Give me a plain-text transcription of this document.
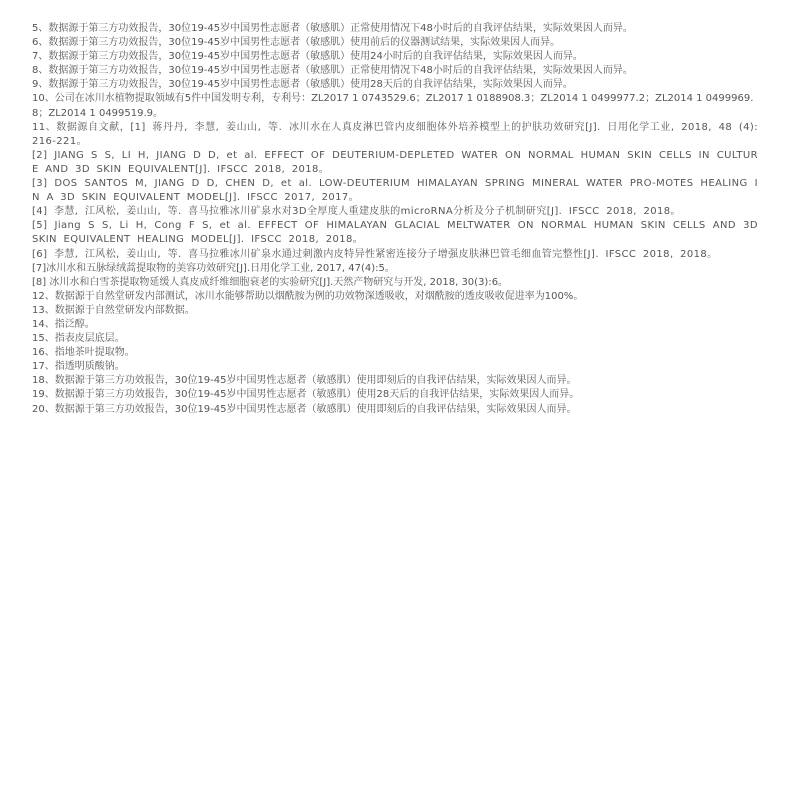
5、数据源于第三方功效报告，30位19-45岁中国男性志愿者（敏感肌）正常使用情况下48小时后的自我评估结果，实际效果因人而异。
6、数据源于第三方功效报告，30位19-45岁中国男性志愿者（敏感肌）使用前后的仪器测试结果，实际效果因人而异。
7、数据源于第三方功效报告，30位19-45岁中国男性志愿者（敏感肌）使用24小时后的自我评估结果，实际效果因人而异。
8、数据源于第三方功效报告，30位19-45岁中国男性志愿者（敏感肌）正常使用情况下48小时后的自我评估结果，实际效果因人而异。
9、数据源于第三方功效报告，30位19-45岁中国男性志愿者（敏感肌）使用28天后的自我评估结果，实际效果因人而异。
10、公司在冰川水植物提取领域有5件中国发明专利，专利号：ZL2017 1 0743529.6；ZL2017 1 0188908.3；ZL2014 1 0499977.2；ZL2014 1 0499969.8；ZL2014 1 0499519.9。
11、数据源自文献，[1] 蒋丹丹, 李慧, 姜山山, 等. 冰川水在人真皮淋巴管内皮细胞体外培养模型上的护肤功效研究[J]. 日用化学工业, 2018, 48 (4): 216-221。
[2] JIANG S S, LI H, JIANG D D, et al. EFFECT OF DEUTERIUM-DEPLETED WATER ON NORMAL HUMAN SKIN CELLS IN CULTURE AND 3D SKIN EQUIVALENT[J]. IFSCC 2018, 2018。
[3] DOS SANTOS M, JIANG D D, CHEN D, et al. LOW-DEUTERIUM HIMALAYAN SPRING MINERAL WATER PRO-MOTES HEALING IN A 3D SKIN EQUIVALENT MODEL[J]. IFSCC 2017, 2017。
[4] 李慧, 江风松, 姜山山, 等. 喜马拉雅冰川矿泉水对3D全厚度人重建皮肤的microRNA分析及分子机制研究[J]. IFSCC 2018, 2018。
[5] Jiang S S, Li H, Cong F S, et al. EFFECT OF HIMALAYAN GLACIAL MELTWATER ON NORMAL HUMAN SKIN CELLS AND 3D SKIN EQUIVALENT HEALING MODEL[J]. IFSCC 2018, 2018。
[6] 李慧, 江风松, 姜山山, 等. 喜马拉雅冰川矿泉水通过刺激内皮特异性紧密连接分子增强皮肤淋巴管毛细血管完整性[J]. IFSCC 2018, 2018。
[7]冰川水和五脉绿绒蒿提取物的美容功效研究[J].日用化学工业, 2017, 47(4):5。
[8] 冰川水和白雪茶提取物延缓人真皮成纤维细胞衰老的实验研究[J].天然产物研究与开发, 2018, 30(3):6。
12、数据源于自然堂研发内部测试，冰川水能够帮助以烟酰胺为例的功效物深透吸收，对烟酰胺的透皮吸收促进率为100%。
13、数据源于自然堂研发内部数据。
14、指泛醇。
15、指表皮层底层。
16、指地茶叶提取物。
17、指透明质酸钠。
18、数据源于第三方功效报告，30位19-45岁中国男性志愿者（敏感肌）使用即刻后的自我评估结果，实际效果因人而异。
19、数据源于第三方功效报告，30位19-45岁中国男性志愿者（敏感肌）使用28天后的自我评估结果，实际效果因人而异。
20、数据源于第三方功效报告，30位19-45岁中国男性志愿者（敏感肌）使用即刻后的自我评估结果，实际效果因人而异。
